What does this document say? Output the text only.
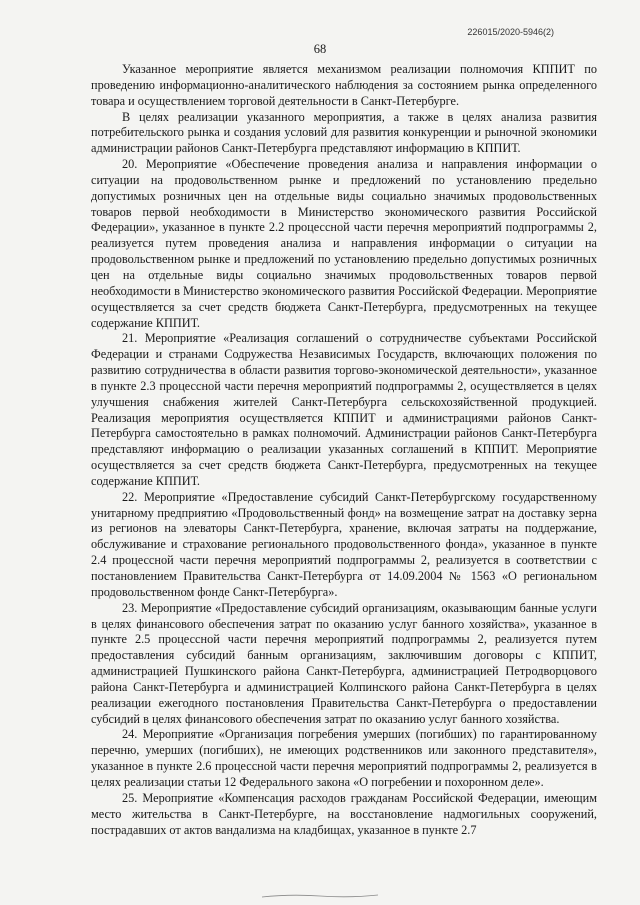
226015/2020-5946(2)
68

Указанное мероприятие является механизмом реализации полномочия КППИТ по проведению информационно-аналитического наблюдения за состоянием рынка определенного товара и осуществлением торговой деятельности в Санкт-Петербурге.

В целях реализации указанного мероприятия, а также в целях анализа развития потребительского рынка и создания условий для развития конкуренции и рыночной экономики администрации районов Санкт-Петербурга представляют информацию в КППИТ.

20. Мероприятие «Обеспечение проведения анализа и направления информации о ситуации на продовольственном рынке и предложений по установлению предельно допустимых розничных цен на отдельные виды социально значимых продовольственных товаров первой необходимости в Министерство экономического развития Российской Федерации», указанное в пункте 2.2 процессной части перечня мероприятий подпрограммы 2, реализуется путем проведения анализа и направления информации о ситуации на продовольственном рынке и предложений по установлению предельно допустимых розничных цен на отдельные виды социально значимых продовольственных товаров первой необходимости в Министерство экономического развития Российской Федерации. Мероприятие осуществляется за счет средств бюджета Санкт-Петербурга, предусмотренных на текущее содержание КППИТ.

21. Мероприятие «Реализация соглашений о сотрудничестве субъектами Российской Федерации и странами Содружества Независимых Государств, включающих положения по развитию сотрудничества в области развития торгово-экономической деятельности», указанное в пункте 2.3 процессной части перечня мероприятий подпрограммы 2, осуществляется в целях улучшения снабжения жителей Санкт-Петербурга сельскохозяйственной продукцией. Реализация мероприятия осуществляется КППИТ и администрациями районов Санкт-Петербурга самостоятельно в рамках полномочий. Администрации районов Санкт-Петербурга представляют информацию о реализации указанных соглашений в КППИТ. Мероприятие осуществляется за счет средств бюджета Санкт-Петербурга, предусмотренных на текущее содержание КППИТ.

22. Мероприятие «Предоставление субсидий Санкт-Петербургскому государственному унитарному предприятию «Продовольственный фонд» на возмещение затрат на доставку зерна из регионов на элеваторы Санкт-Петербурга, хранение, включая затраты на поддержание, обслуживание и страхование регионального продовольственного фонда», указанное в пункте 2.4 процессной части перечня мероприятий подпрограммы 2, реализуется в соответствии с постановлением Правительства Санкт-Петербурга от 14.09.2004 № 1563 «О региональном продовольственном фонде Санкт-Петербурга».

23. Мероприятие «Предоставление субсидий организациям, оказывающим банные услуги в целях финансового обеспечения затрат по оказанию услуг банного хозяйства», указанное в пункте 2.5 процессной части перечня мероприятий подпрограммы 2, реализуется путем предоставления субсидий банным организациям, заключившим договоры с КППИТ, администрацией Пушкинского района Санкт-Петербурга, администрацией Петродворцового района Санкт-Петербурга и администрацией Колпинского района Санкт-Петербурга в целях реализации ежегодного постановления Правительства Санкт-Петербурга о предоставлении субсидий в целях финансового обеспечения затрат по оказанию услуг банного хозяйства.

24. Мероприятие «Организация погребения умерших (погибших) по гарантированному перечню, умерших (погибших), не имеющих родственников или законного представителя», указанное в пункте 2.6 процессной части перечня мероприятий подпрограммы 2, реализуется в целях реализации статьи 12 Федерального закона «О погребении и похоронном деле».

25. Мероприятие «Компенсация расходов гражданам Российской Федерации, имеющим место жительства в Санкт-Петербурге, на восстановление надмогильных сооружений, пострадавших от актов вандализма на кладбищах, указанное в пункте 2.7
